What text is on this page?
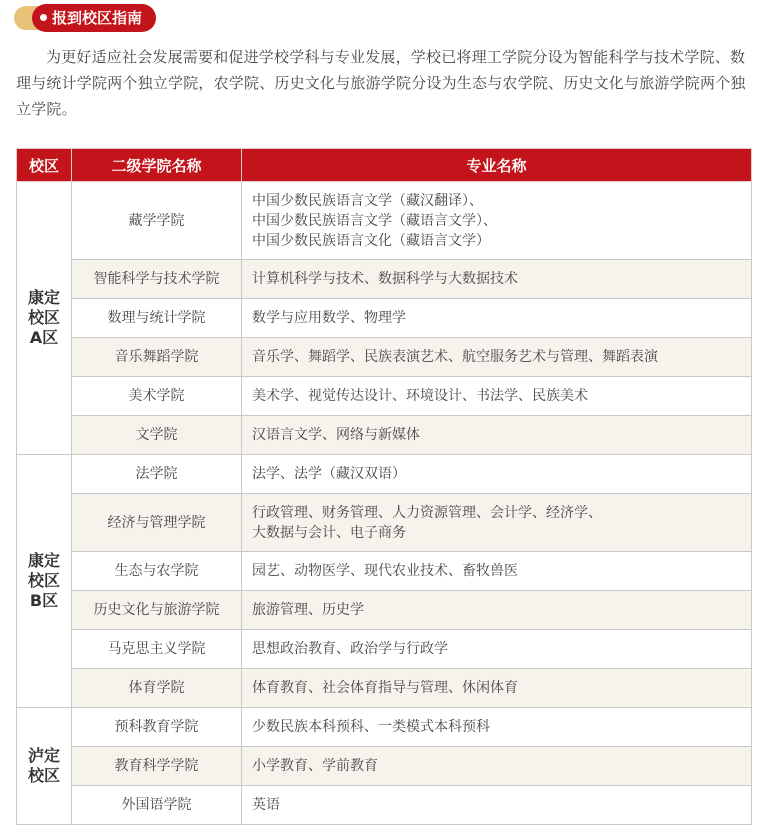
报到校区指南
为更好适应社会发展需要和促进学校学科与专业发展，学校已将理工学院分设为智能科学与技术学院、数理与统计学院两个独立学院，农学院、历史文化与旅游学院分设为生态与农学院、历史文化与旅游学院两个独立学院。
校区	二级学院名称	专业名称

康定
校区
A区	藏学学院	中国少数民族语言文学（藏汉翻译）、
中国少数民族语言文学（藏语言文学）、
中国少数民族语言文化（藏语言文学）

	智能科学与技术学院	计算机科学与技术、数据科学与大数据技术

	数理与统计学院	数学与应用数学、物理学

	音乐舞蹈学院	音乐学、舞蹈学、民族表演艺术、航空服务艺术与管理、舞蹈表演

	美术学院	美术学、视觉传达设计、环境设计、书法学、民族美术

	文学院	汉语言文学、网络与新媒体

康定
校区
B区	法学院	法学、法学（藏汉双语）

	经济与管理学院	行政管理、财务管理、人力资源管理、会计学、经济学、
大数据与会计、电子商务

	生态与农学院	园艺、动物医学、现代农业技术、畜牧兽医

	历史文化与旅游学院	旅游管理、历史学

	马克思主义学院	思想政治教育、政治学与行政学

	体育学院	体育教育、社会体育指导与管理、休闲体育

泸定
校区	预科教育学院	少数民族本科预科、一类模式本科预科

	教育科学学院	小学教育、学前教育

	外国语学院	英语
